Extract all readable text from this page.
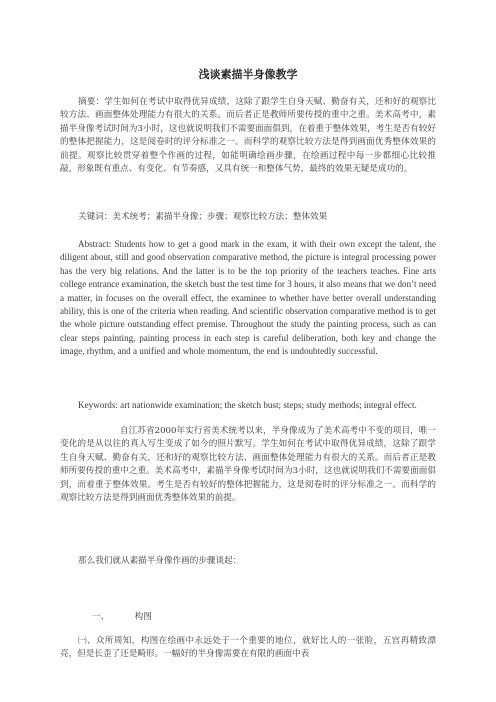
浅谈素描半身像教学

摘要：学生如何在考试中取得优异成绩，这除了跟学生自身天赋、勤奋有关，还和好的观察比较方法、画面整体处理能力有很大的关系。而后者正是教师所要传授的重中之重。美术高考中，素描半身像考试时间为3小时，这也就说明我们不需要面面俱到，在着重于整体效果，考生是否有较好的整体把握能力，这是阅卷时的评分标准之一。而科学的观察比较方法是得到画面优秀整体效果的前提。观察比较贯穿着整个作画的过程，如能明确绘画步骤，在绘画过程中每一步都细心比较推敲，形象既有重点、有变化、有节奏感，又具有统一和整体气势，最终的效果无疑是成功的。

关键词：美术统考；素描半身像；步骤；观察比较方法；整体效果

Abstract: Students how to get a good mark in the exam, it with their own except the talent, the diligent about, still and good observation comparative method, the picture is integral processing power has the very big relations. And the latter is to be the top priority of the teachers teaches. Fine arts college entrance examination, the sketch bust the test time for 3 hours, it also means that we don’t need a matter, in focuses on the overall effect, the examinee to whether have better overall understanding ability, this is one of the criteria when reading. And scientific observation comparative method is to get the whole picture outstanding effect premise. Throughout the study the painting process, such as can clear steps painting, painting process in each step is careful deliberation, both key and change the image, rhythm, and a unified and whole momentum, the end is undoubtedly successful.

Keywords: art nationwide examination; the sketch bust; steps; study methods; integral effect.

自江苏省2000年实行省美术统考以来，半身像成为了美术高考中不变的项目，唯一变化的是从以往的真人写生变成了如今的照片默写。学生如何在考试中取得优异成绩，这除了跟学生自身天赋、勤奋有关，还和好的观察比较方法、画面整体处理能力有很大的关系。而后者正是教师所要传授的重中之重。美术高考中，素描半身像考试时间为3小时，这也就说明我们不需要面面俱到，而着重于整体效果。考生是否有较好的整体把握能力，这是阅卷时的评分标准之一。而科学的观察比较方法是得到画面优秀整体效果的前提。

那么我们就从素描半身像作画的步骤谈起：

一、	构图

㈠、众所周知，构图在绘画中永远处于一个重要的地位，就好比人的一张脸，五官再精致漂亮，但是长歪了还是畸形。一幅好的半身像需要在有限的画面中表
